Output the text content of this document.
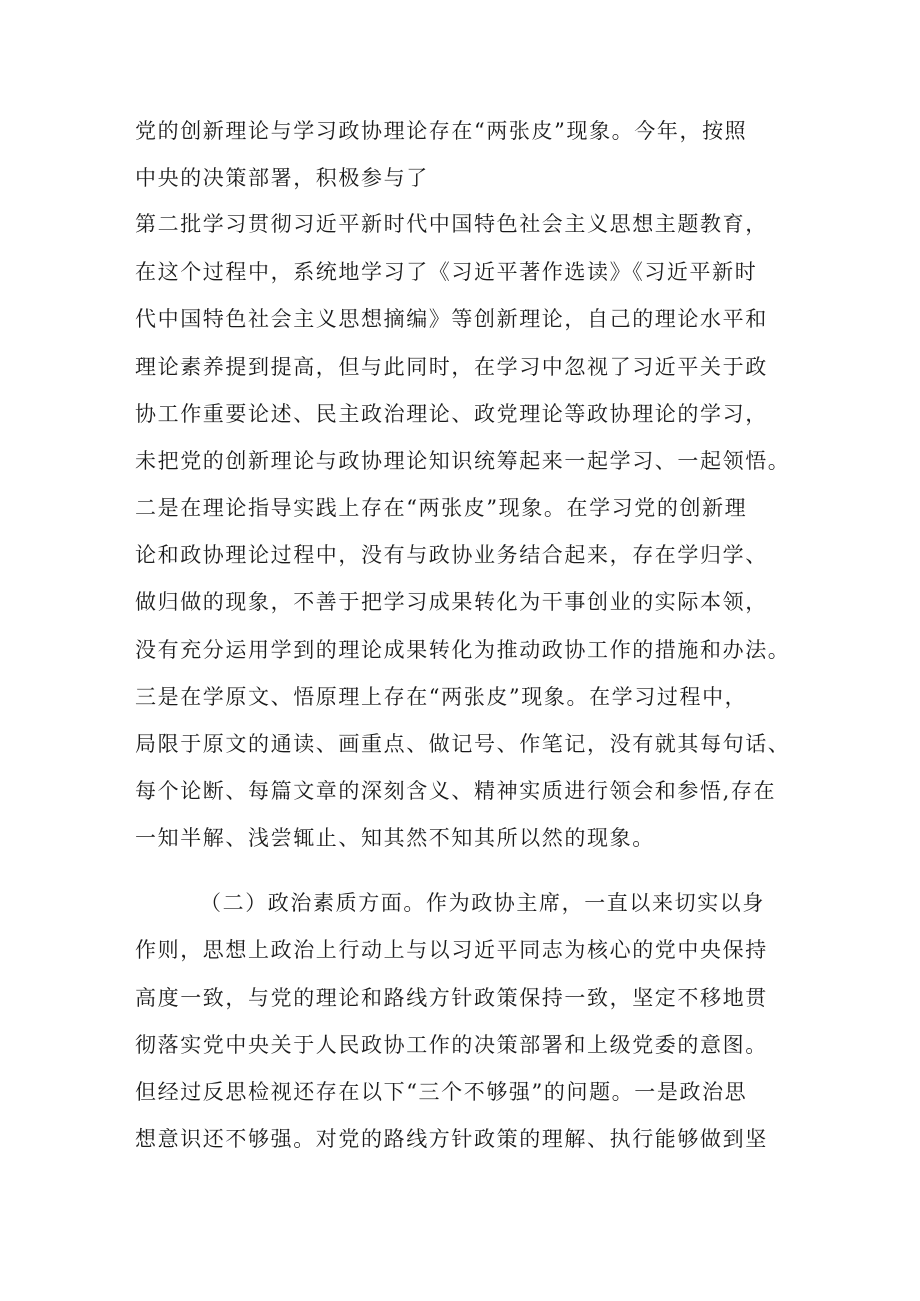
党的创新理论与学习政协理论存在“两张皮”现象。今年，按照
中央的决策部署，积极参与了
第二批学习贯彻习近平新时代中国特色社会主义思想主题教育，
在这个过程中，系统地学习了《习近平著作选读》《习近平新时
代中国特色社会主义思想摘编》等创新理论，自己的理论水平和
理论素养提到提高，但与此同时，在学习中忽视了习近平关于政
协工作重要论述、民主政治理论、政党理论等政协理论的学习，
未把党的创新理论与政协理论知识统筹起来一起学习、一起领悟。
二是在理论指导实践上存在“两张皮”现象。在学习党的创新理
论和政协理论过程中，没有与政协业务结合起来，存在学归学、
做归做的现象，不善于把学习成果转化为干事创业的实际本领，
没有充分运用学到的理论成果转化为推动政协工作的措施和办法。
三是在学原文、悟原理上存在“两张皮”现象。在学习过程中，
局限于原文的通读、画重点、做记号、作笔记，没有就其每句话、
每个论断、每篇文章的深刻含义、精神实质进行领会和参悟,存在
一知半解、浅尝辄止、知其然不知其所以然的现象。
（二）政治素质方面。作为政协主席，一直以来切实以身
作则，思想上政治上行动上与以习近平同志为核心的党中央保持
高度一致，与党的理论和路线方针政策保持一致，坚定不移地贯
彻落实党中央关于人民政协工作的决策部署和上级党委的意图。
但经过反思检视还存在以下“三个不够强”的问题。一是政治思
想意识还不够强。对党的路线方针政策的理解、执行能够做到坚
